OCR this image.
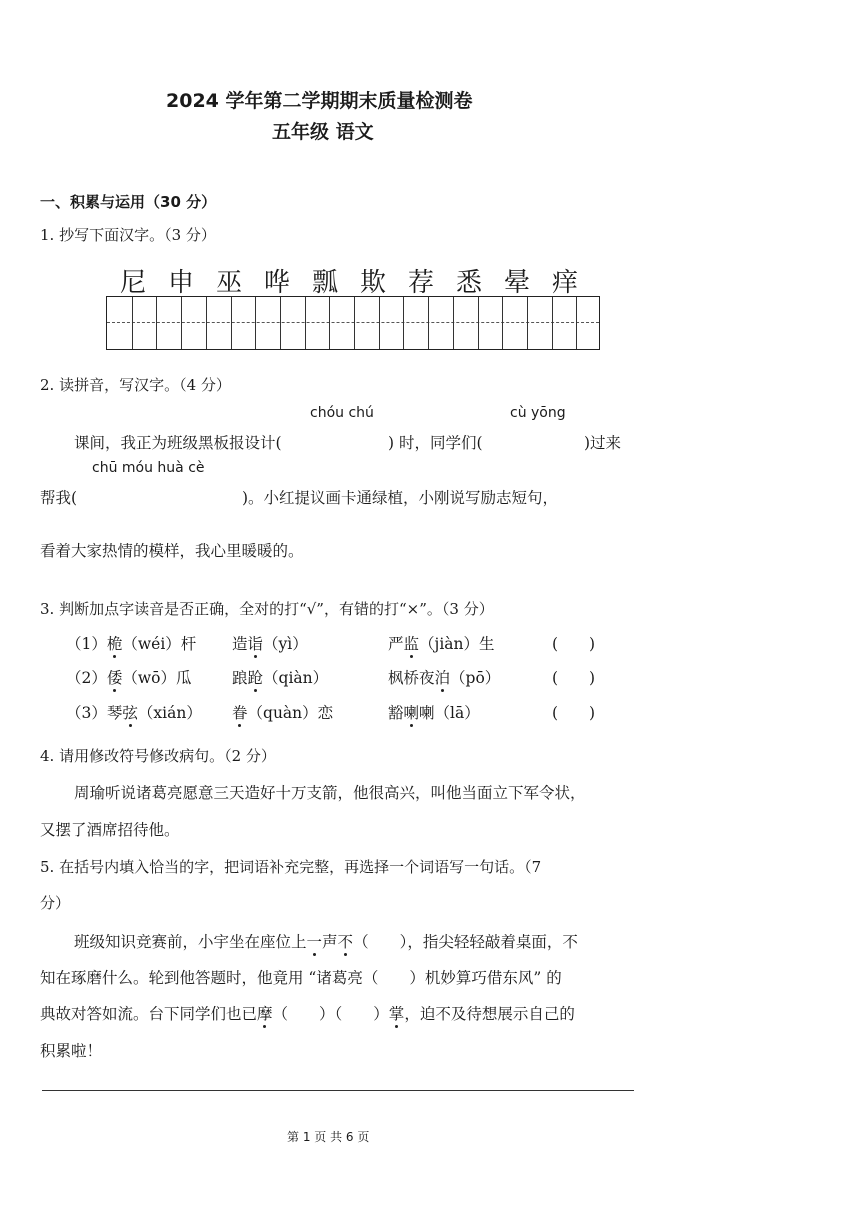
2024 学年第二学期期末质量检测卷
五年级 语文
一、积累与运用（30 分）
1. 抄写下面汉字。（3 分）
尼 申 巫 哗 瓢 欺 荐 悉 晕 痒
2. 读拼音，写汉字。（4 分）
chóu chú	cù yōng
课间，我正为班级黑板报设计(	) 时，同学们(	)过来
chū móu huà cè
帮我(	)。小红提议画卡通绿植，小刚说写励志短句，
看着大家热情的模样，我心里暖暖的。
3. 判断加点字读音是否正确，全对的打“√”，有错的打“×”。（3 分）
（1）桅（wéi）杆 造诣（yì）	严监（jiàn）生	(　　)
（2）倭（wō）瓜	踉跄（qiàn）	枫桥夜泊（pō）	(　　)
（3）琴弦（xián） 眷（quàn）恋	豁喇喇（lā）	(　　)
4. 请用修改符号修改病句。（2 分）
周瑜听说诸葛亮愿意三天造好十万支箭，他很高兴，叫他当面立下军令状，
又摆了酒席招待他。
5. 在括号内填入恰当的字，把词语补充完整，再选择一个词语写一句话。（7
分）
班级知识竞赛前，小宇坐在座位上一声不（　　），指尖轻轻敲着桌面，不
知在琢磨什么。轮到他答题时，他竟用 “诸葛亮（　　）机妙算巧借东风” 的
典故对答如流。台下同学们也已摩（　　）（　　）掌，迫不及待想展示自己的
积累啦！
第 1 页 共 6 页
